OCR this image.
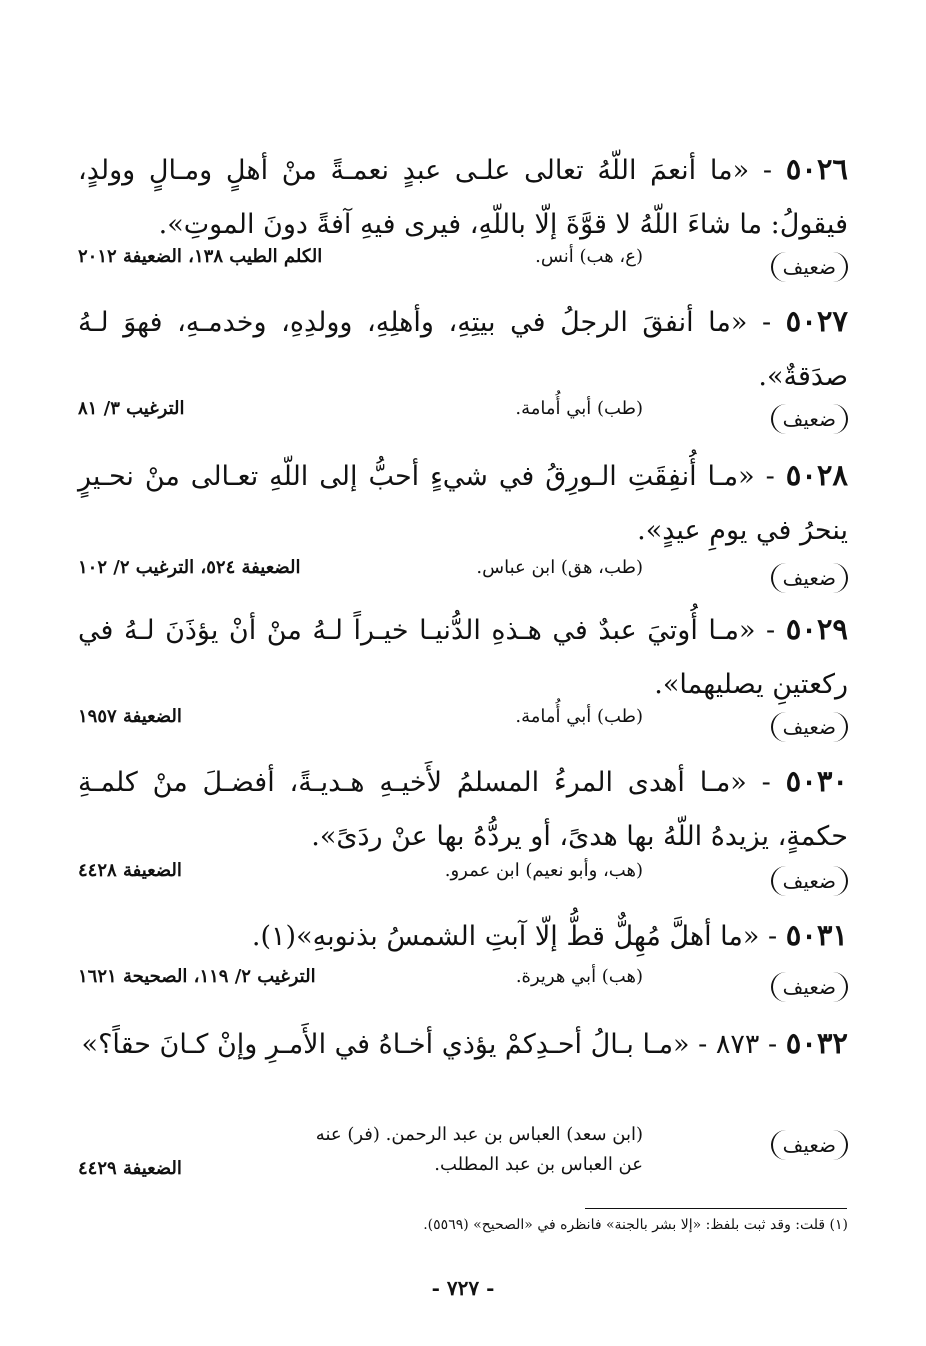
٥٠٢٦ - «ما أنعمَ اللّهُ تعالى علـى عبدٍ نعمـةً منْ أهلٍ ومـالٍ وولدٍ، فيقولُ: ما شاءَ اللّهُ لا قوَّةَ إلّا باللّهِ، فيرى فيهِ آفةً دونَ الموتِ».
ضعيف
(ع، هب) أنس.
الكلم الطيب ١٣٨، الضعيفة ٢٠١٢
٥٠٢٧ - «ما أنفقَ الرجلُ في بيتِهِ، وأهلِهِ، وولدِهِ، وخدمـهِ، فهوَ لـهُ صدَقةٌ».
ضعيف
(طب) أبي أُمامة.
الترغيب ٣/ ٨١
٥٠٢٨ - «مـا أُنفِقَتِ الـورِقُ في شيءٍ أحبُّ إلى اللّهِ تعـالى منْ نحـيرٍ ينحرُ في يومِ عيدٍ».
ضعيف
(طب، هق) ابن عباس.
الضعيفة ٥٢٤، الترغيب ٢/ ١٠٢
٥٠٢٩ - «مـا أُوتيَ عبدٌ في هـذهِ الدُّنيـا خيـراً لـهُ منْ أنْ يؤذَنَ لـهُ في ركعتينِ يصليهما».
ضعيف
(طب) أبي أُمامة.
الضعيفة ١٩٥٧
٥٠٣٠ - «مـا أهدى المرءُ المسلمُ لأَخيـهِ هـديـةً، أفضـلَ منْ كلمـةِ حكمةٍ، يزيدهُ اللّهُ بها هدىً، أو يردُّهُ بها عنْ ردَىً».
ضعيف
(هب، وأبو نعيم) ابن عمرو.
الضعيفة ٤٤٢٨
٥٠٣١ - «ما أهلَّ مُهِلٌّ قطُّ إلّا آبتِ الشمسُ بذنوبهِ»(١).
ضعيف
(هب) أبي هريرة.
الترغيب ٢/ ١١٩، الصحيحة ١٦٢١
٥٠٣٢ - ٨٧٣ - «مـا بـالُ أحـدِكمْ يؤذي أخـاهُ في الأَمـرِ وإنْ كـانَ حقاً؟»
ضعيف
(ابن سعد) العباس بن عبد الرحمن. (فر) عنه عن العباس بن عبد المطلب.
الضعيفة ٤٤٢٩
(١) قلت: وقد ثبت بلفظ: «إلا بشر بالجنة» فانظره في «الصحيح» (٥٥٦٩).
- ٧٢٧ -
